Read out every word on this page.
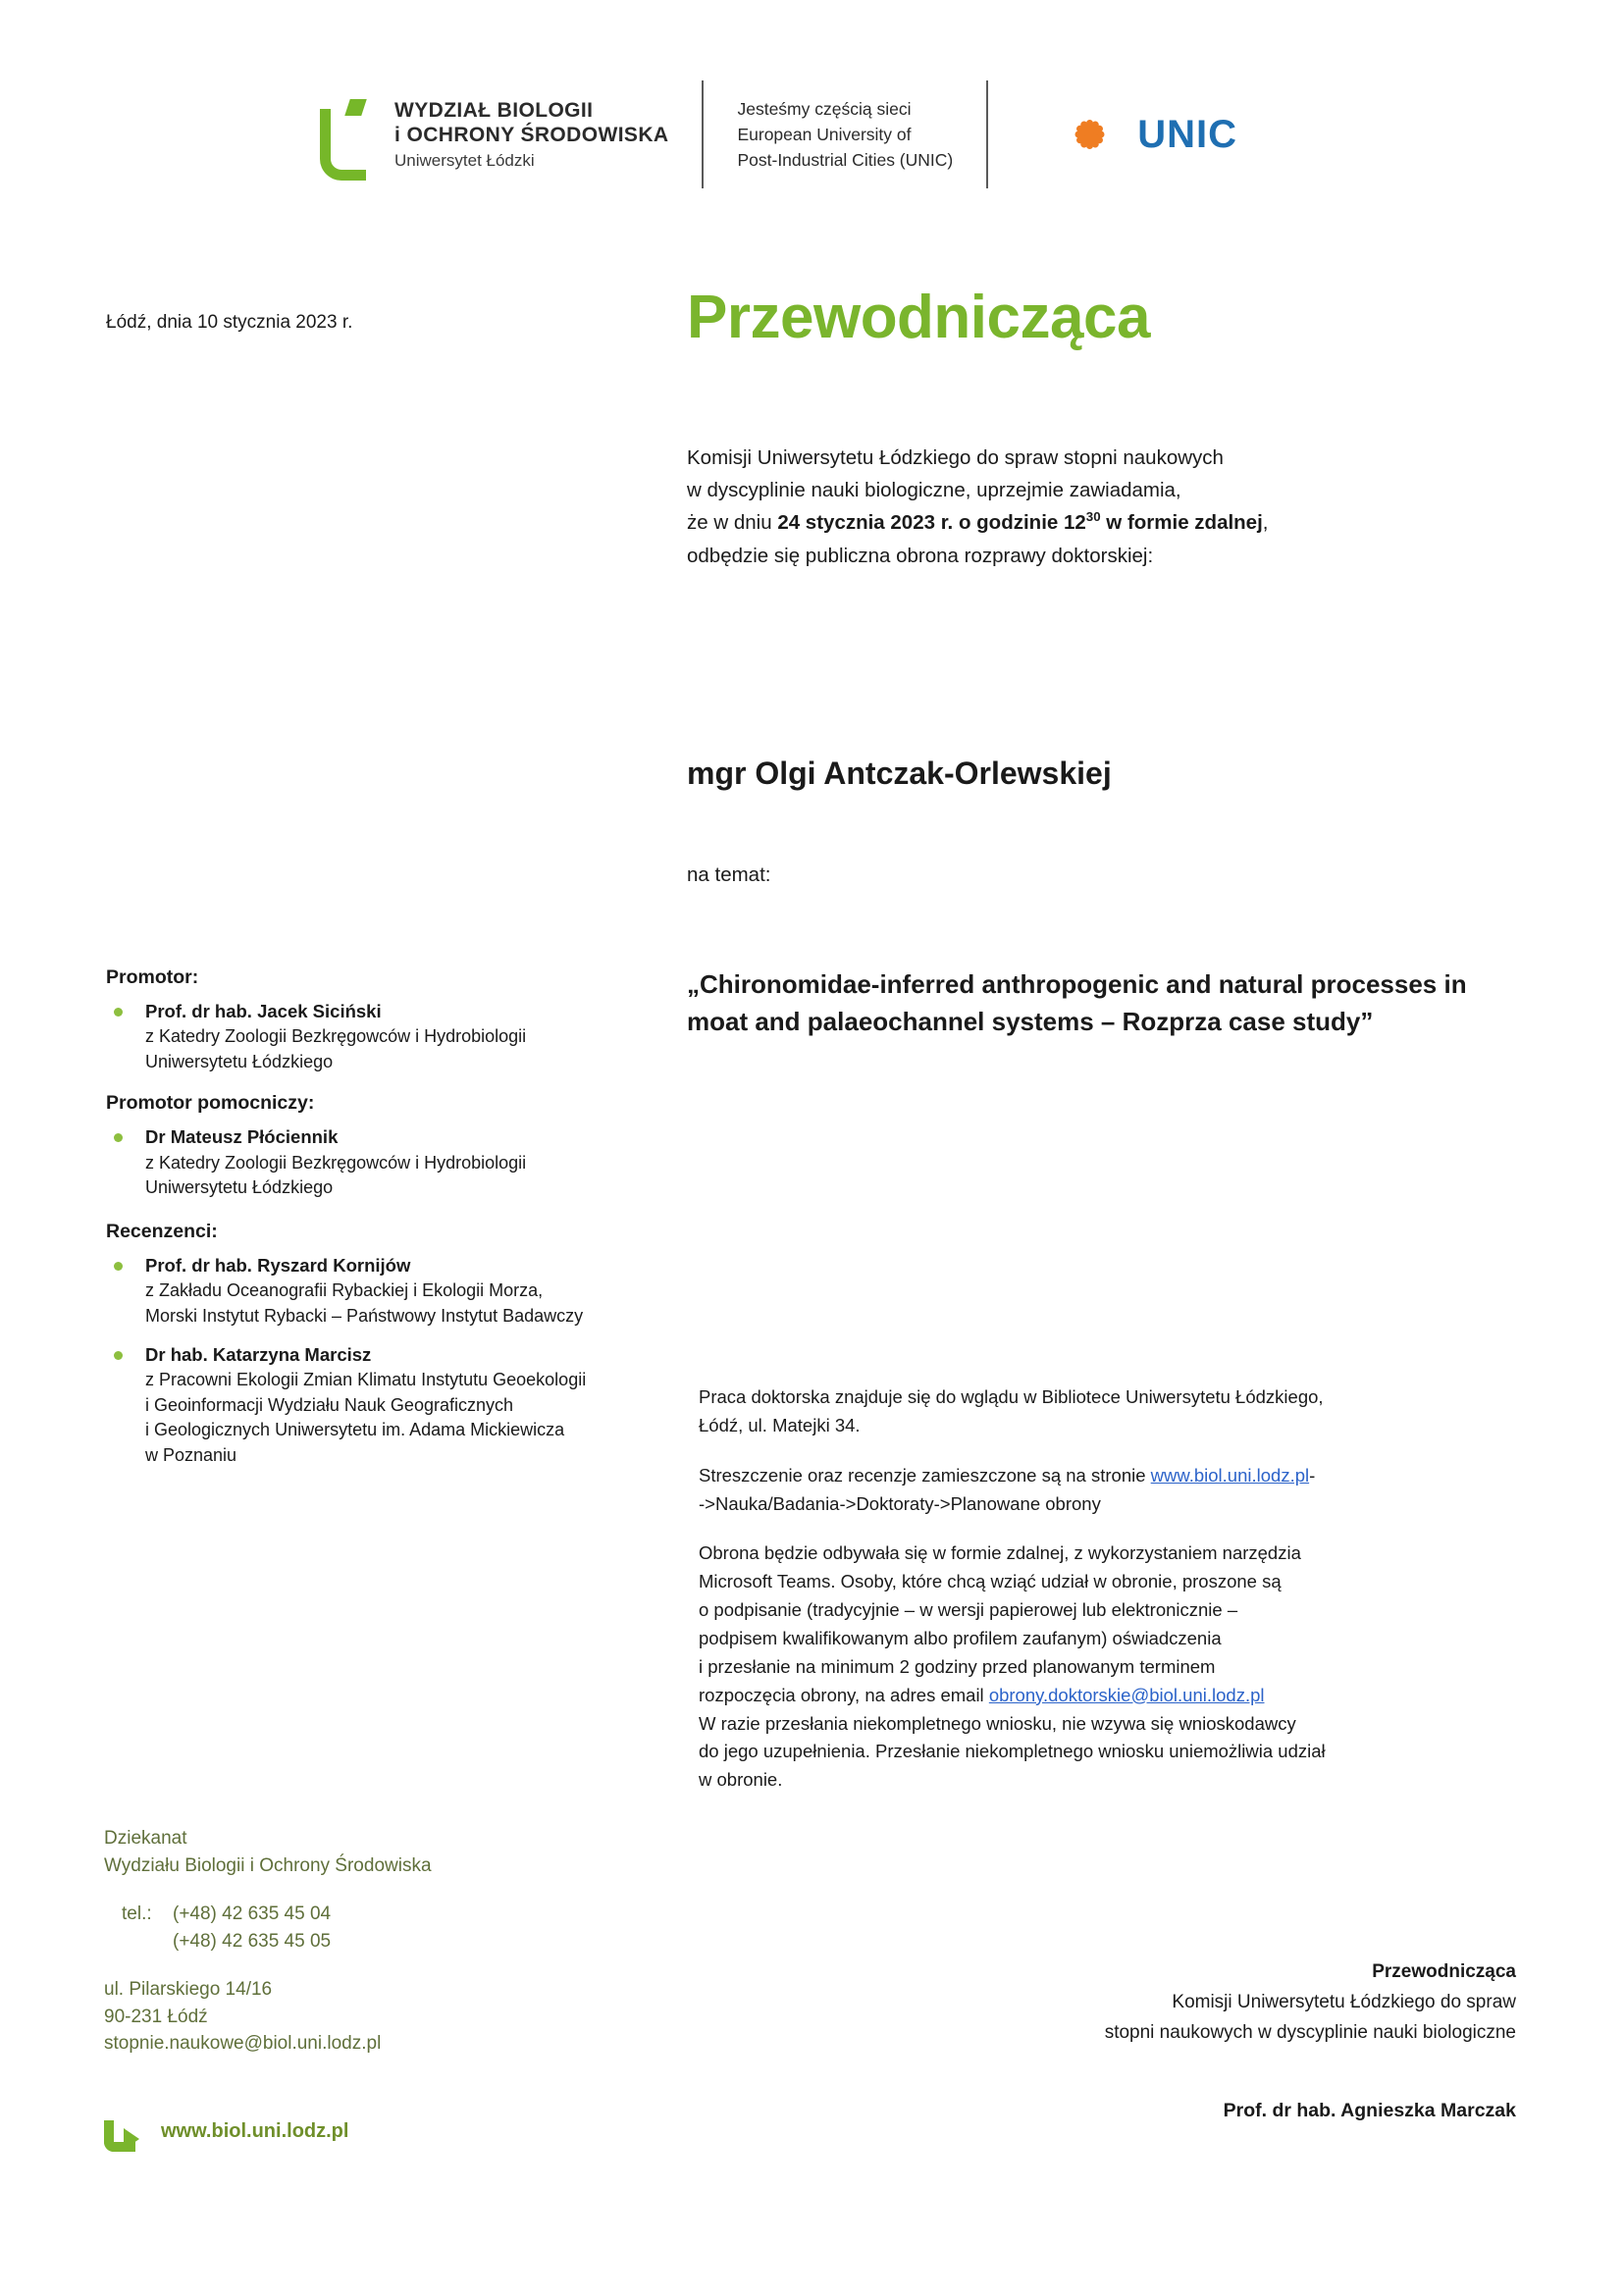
WYDZIAŁ BIOLOGII
i OCHRONY ŚRODOWISKA
Uniwersytet Łódzki
Jesteśmy częścią sieci
European University of
Post-Industrial Cities (UNIC)
UNIC
Łódź, dnia 10 stycznia 2023 r.	Przewodnicząca
Komisji Uniwersytetu Łódzkiego do spraw stopni naukowych
w dyscyplinie nauki biologiczne, uprzejmie zawiadamia,
że w dniu 24 stycznia 2023 r. o godzinie $12^{30}$ w formie zdalnej,
odbędzie się publiczna obrona rozprawy doktorskiej:
mgr Olgi Antczak-Orlewskiej
na temat:
„Chironomidae-inferred anthropogenic and natural processes in moat and palaeochannel systems – Rozprza case study”
Promotor:
Prof. dr hab. Jacek Siciński
z Katedry Zoologii Bezkręgowców i Hydrobiologii
Uniwersytetu Łódzkiego
Promotor pomocniczy:
Dr Mateusz Płóciennik
z Katedry Zoologii Bezkręgowców i Hydrobiologii
Uniwersytetu Łódzkiego
Recenzenci:
Prof. dr hab. Ryszard Kornijów
z Zakładu Oceanografii Rybackiej i Ekologii Morza,
Morski Instytut Rybacki – Państwowy Instytut Badawczy
Dr hab. Katarzyna Marcisz
z Pracowni Ekologii Zmian Klimatu Instytutu Geoekologii
i Geoinformacji Wydziału Nauk Geograficznych
i Geologicznych Uniwersytetu im. Adama Mickiewicza
w Poznaniu

Praca doktorska znajduje się do wglądu w Bibliotece Uniwersytetu Łódzkiego,
Łódź, ul. Matejki 34.

Streszczenie oraz recenzje zamieszczone są na stronie www.biol.uni.lodz.pl-
->Nauka/Badania->Doktoraty->Planowane obrony

Obrona będzie odbywała się w formie zdalnej, z wykorzystaniem narzędzia
Microsoft Teams. Osoby, które chcą wziąć udział w obronie, proszone są
o podpisanie (tradycyjnie – w wersji papierowej lub elektronicznie –
podpisem kwalifikowanym albo profilem zaufanym) oświadczenia
i przesłanie na minimum 2 godziny przed planowanym terminem
rozpoczęcia obrony, na adres email obrony.doktorskie@biol.uni.lodz.pl
W razie przesłania niekompletnego wniosku, nie wzywa się wnioskodawcy
do jego uzupełnienia. Przesłanie niekompletnego wniosku uniemożliwia udział
w obronie.

Dziekanat
Wydziału Biologii i Ochrony Środowiska
tel.:	(+48) 42 635 45 04
(+48) 42 635 45 05
ul. Pilarskiego 14/16
90-231 Łódź
stopnie.naukowe@biol.uni.lodz.pl
www.biol.uni.lodz.pl
Przewodnicząca
Komisji Uniwersytetu Łódzkiego do spraw
stopni naukowych w dyscyplinie nauki biologiczne
Prof. dr hab. Agnieszka Marczak
